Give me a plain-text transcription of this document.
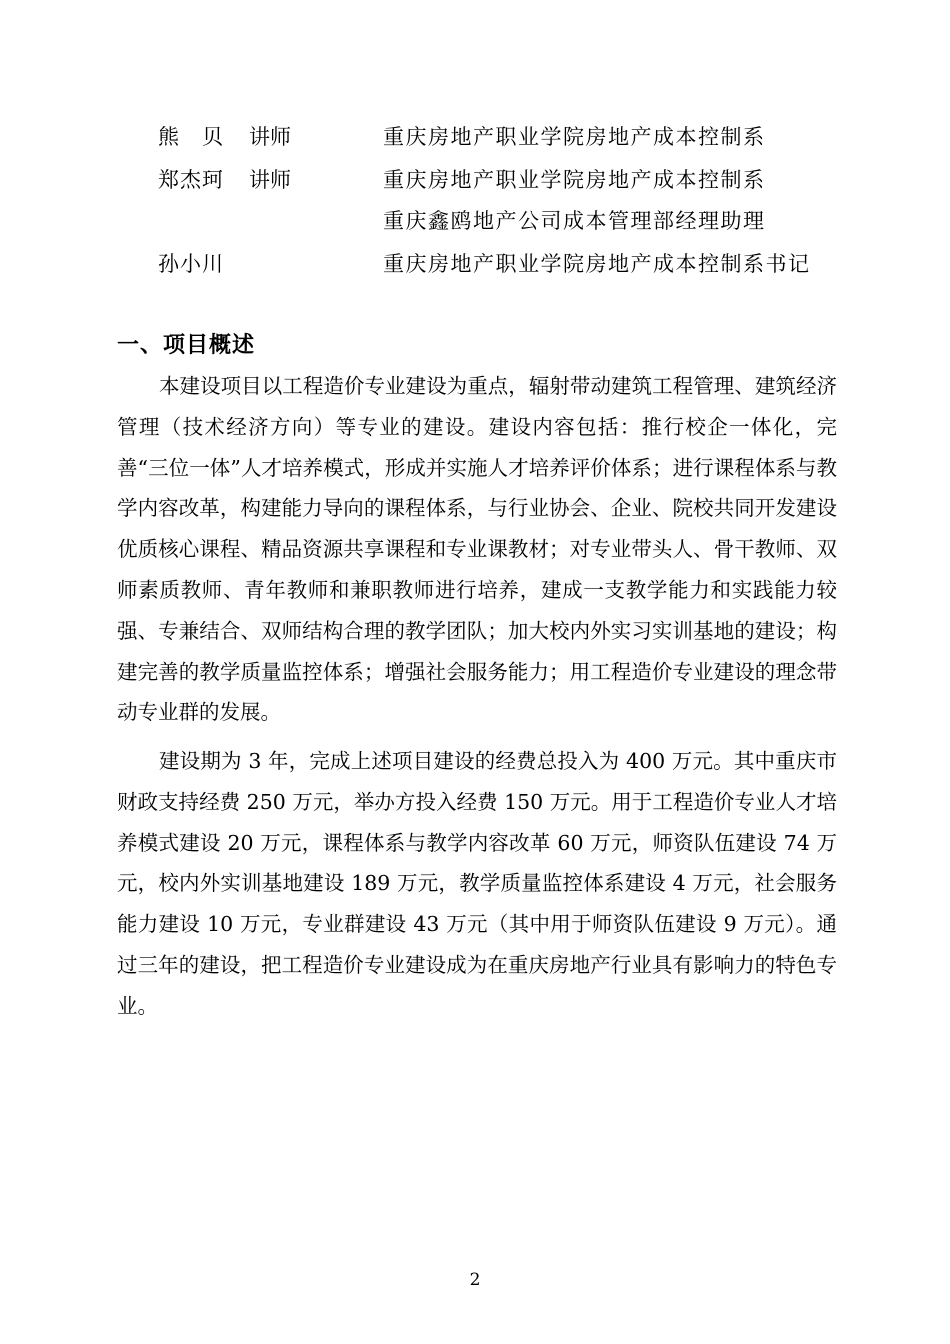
熊　贝 讲师	重庆房地产职业学院房地产成本控制系
郑杰珂 讲师	重庆房地产职业学院房地产成本控制系
重庆鑫鸥地产公司成本管理部经理助理
孙小川	重庆房地产职业学院房地产成本控制系书记
一、项目概述

本建设项目以工程造价专业建设为重点，辐射带动建筑工程管理、建筑经济管理（技术经济方向）等专业的建设。建设内容包括：推行校企一体化，完善“三位一体”人才培养模式，形成并实施人才培养评价体系；进行课程体系与教学内容改革，构建能力导向的课程体系，与行业协会、企业、院校共同开发建设优质核心课程、精品资源共享课程和专业课教材；对专业带头人、骨干教师、双师素质教师、青年教师和兼职教师进行培养，建成一支教学能力和实践能力较强、专兼结合、双师结构合理的教学团队；加大校内外实习实训基地的建设；构建完善的教学质量监控体系；增强社会服务能力；用工程造价专业建设的理念带动专业群的发展。

建设期为 3 年，完成上述项目建设的经费总投入为 400 万元。其中重庆市财政支持经费 250 万元，举办方投入经费 150 万元。用于工程造价专业人才培养模式建设 20 万元，课程体系与教学内容改革 60 万元，师资队伍建设 74 万元，校内外实训基地建设 189 万元，教学质量监控体系建设 4 万元，社会服务能力建设 10 万元，专业群建设 43 万元（其中用于师资队伍建设 9 万元）。通过三年的建设，把工程造价专业建设成为在重庆房地产行业具有影响力的特色专业。

2
